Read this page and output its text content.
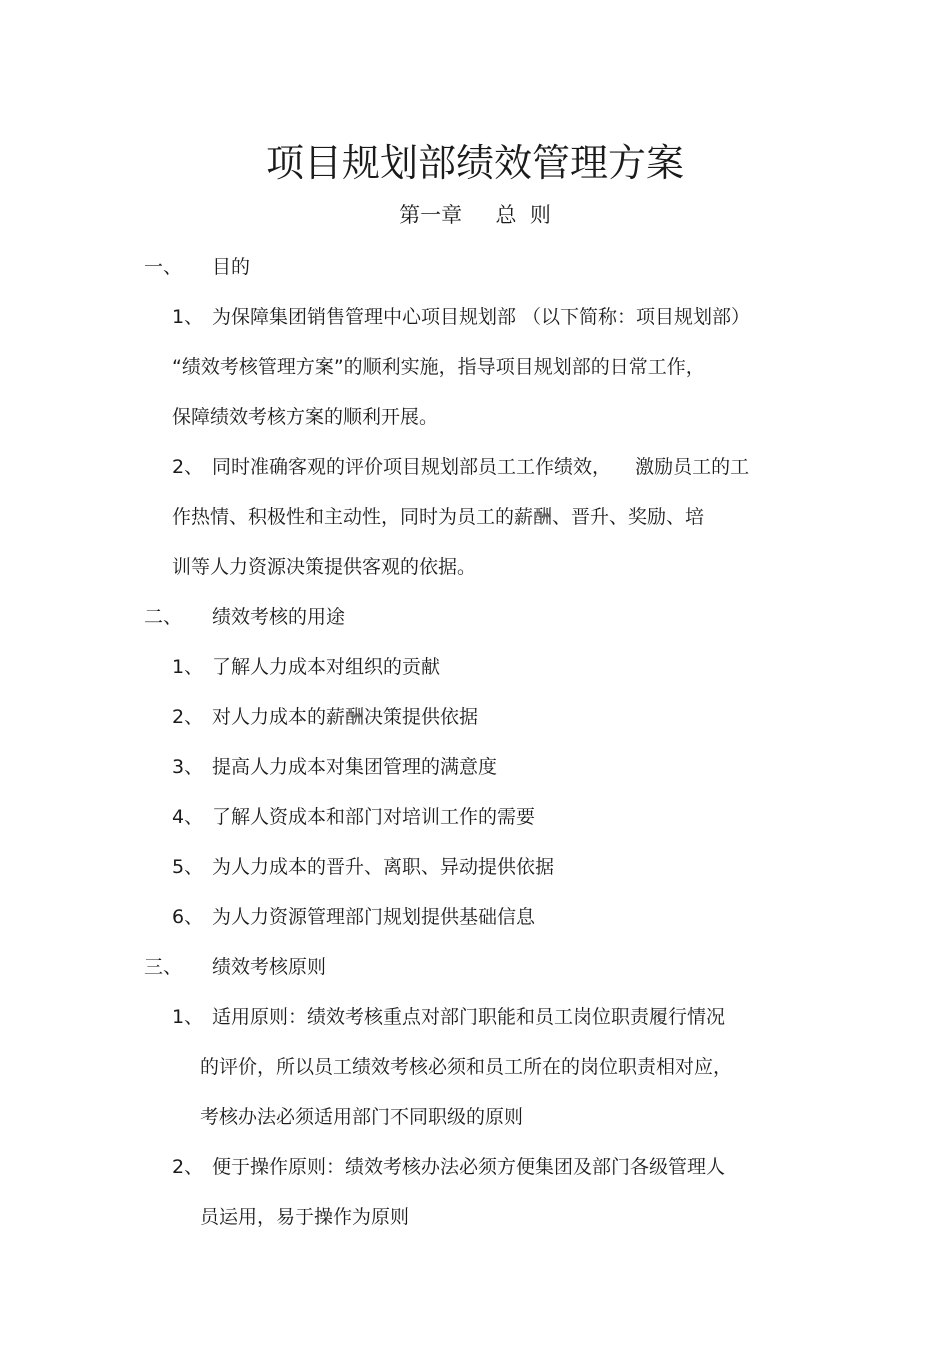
项目规划部绩效管理方案
第一章     总  则
一、 目的
1、 为保障集团销售管理中心项目规划部 （以下简称：项目规划部）
“绩效考核管理方案”的顺利实施，指导项目规划部的日常工作，
保障绩效考核方案的顺利开展。
2、 同时准确客观的评价项目规划部员工工作绩效，    激励员工的工
作热情、积极性和主动性，同时为员工的薪酬、晋升、奖励、培
训等人力资源决策提供客观的依据。
二、 绩效考核的用途
1、 了解人力成本对组织的贡献
2、 对人力成本的薪酬决策提供依据
3、 提高人力成本对集团管理的满意度
4、 了解人资成本和部门对培训工作的需要
5、 为人力成本的晋升、离职、异动提供依据
6、 为人力资源管理部门规划提供基础信息
三、 绩效考核原则
1、 适用原则：绩效考核重点对部门职能和员工岗位职责履行情况
的评价，所以员工绩效考核必须和员工所在的岗位职责相对应，
考核办法必须适用部门不同职级的原则
2、 便于操作原则：绩效考核办法必须方便集团及部门各级管理人
员运用，易于操作为原则
